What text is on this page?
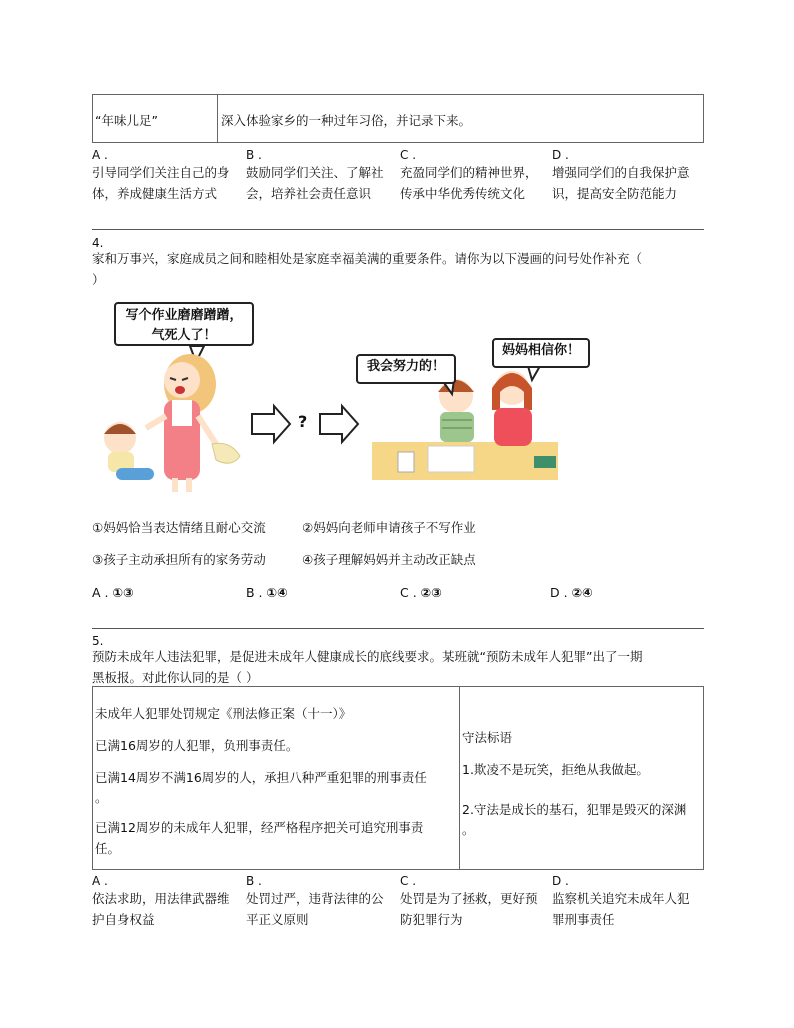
“年味儿足”	深入体验家乡的一种过年习俗，并记录下来。
A .
引导同学们关注自己的身体，养成健康生活方式
B .
鼓励同学们关注、了解社会，培养社会责任意识
C .
充盈同学们的精神世界，传承中华优秀传统文化
D .
增强同学们的自我保护意识，提高安全防范能力
4.
家和万事兴，家庭成员之间和睦相处是家庭幸福美满的重要条件。请你为以下漫画的问号处作补充（
）
写个作业磨磨蹭蹭，
气死人了！
?
我会努力的！
妈妈相信你！
①妈妈恰当表达情绪且耐心交流	②妈妈向老师申请孩子不写作业
③孩子主动承担所有的家务劳动	④孩子理解妈妈并主动改正缺点
A . ①③	B . ①④	C . ②③	D . ②④
5.
预防未成年人违法犯罪，是促进未成年人健康成长的底线要求。某班就“预防未成年人犯罪”出了一期
黑板报。对此你认同的是（ ）

未成年人犯罪处罚规定《刑法修正案（十一）》

已满16周岁的人犯罪，负刑事责任。

已满14周岁不满16周岁的人，承担八种严重犯罪的刑事责任

。

已满12周岁的未成年人犯罪，经严格程序把关可追究刑事责

任。

守法标语

1.欺凌不是玩笑，拒绝从我做起。

2.守法是成长的基石，犯罪是毁灭的深渊

。

A .
依法求助，用法律武器维护自身权益
B .
处罚过严，违背法律的公平正义原则
C .
处罚是为了拯救，更好预防犯罪行为
D .
监察机关追究未成年人犯罪刑事责任
